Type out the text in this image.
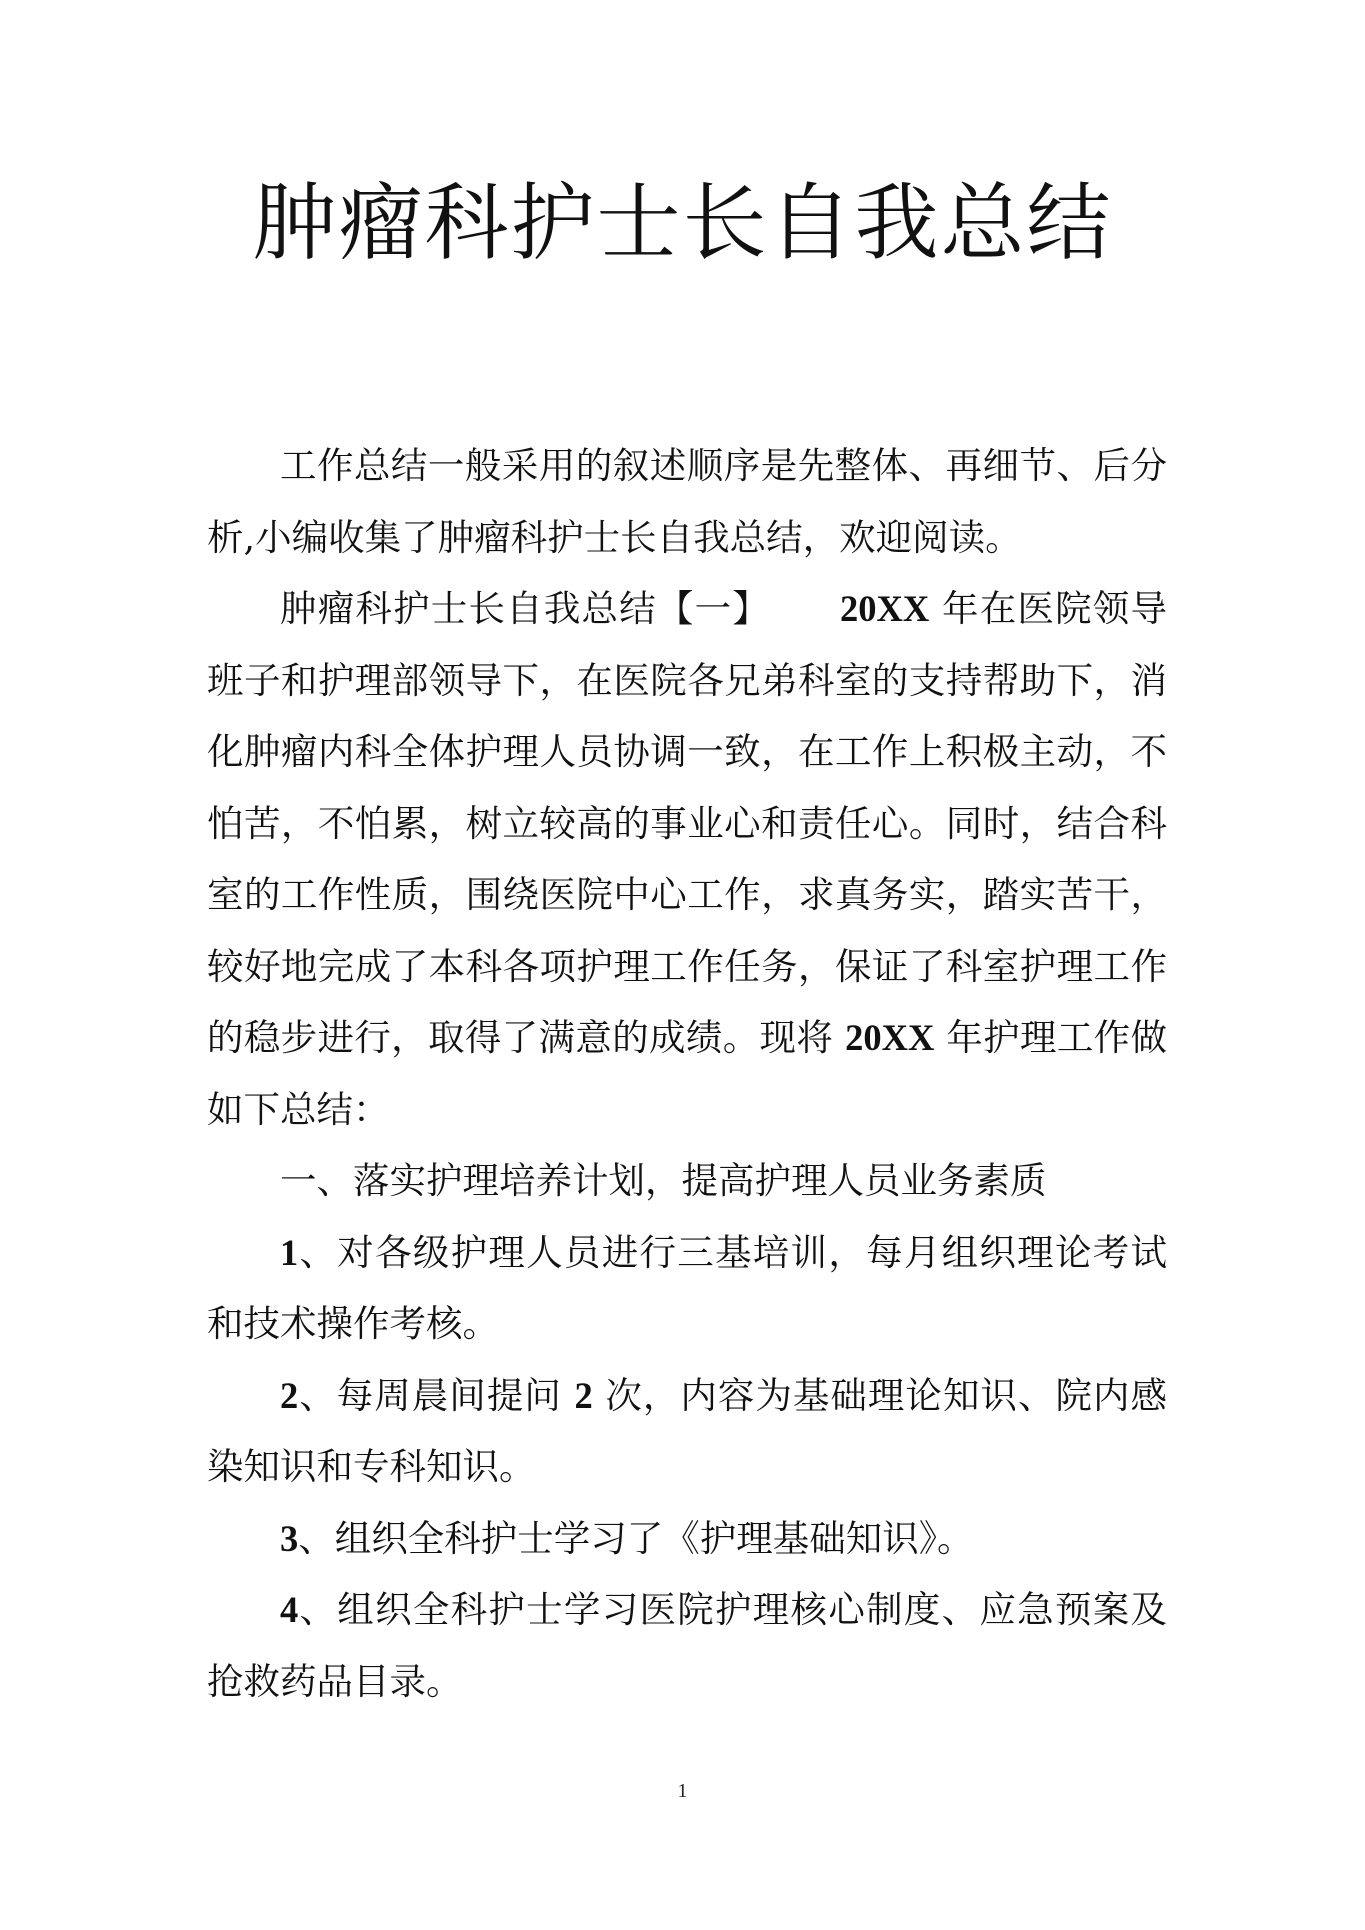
肿瘤科护士长自我总结

工作总结一般采用的叙述顺序是先整体、再细节、后分析,小编收集了肿瘤科护士长自我总结，欢迎阅读。

肿瘤科护士长自我总结【一】 20XX 年在医院领导班子和护理部领导下，在医院各兄弟科室的支持帮助下，消化肿瘤内科全体护理人员协调一致，在工作上积极主动，不怕苦，不怕累，树立较高的事业心和责任心。同时，结合科室的工作性质，围绕医院中心工作，求真务实，踏实苦干，较好地完成了本科各项护理工作任务，保证了科室护理工作的稳步进行，取得了满意的成绩。现将 20XX 年护理工作做如下总结：

一、落实护理培养计划，提高护理人员业务素质

1、对各级护理人员进行三基培训，每月组织理论考试和技术操作考核。

2、每周晨间提问 2 次，内容为基础理论知识、院内感染知识和专科知识。

3、组织全科护士学习了《护理基础知识》。

4、组织全科护士学习医院护理核心制度、应急预案及抢救药品目录。

1
